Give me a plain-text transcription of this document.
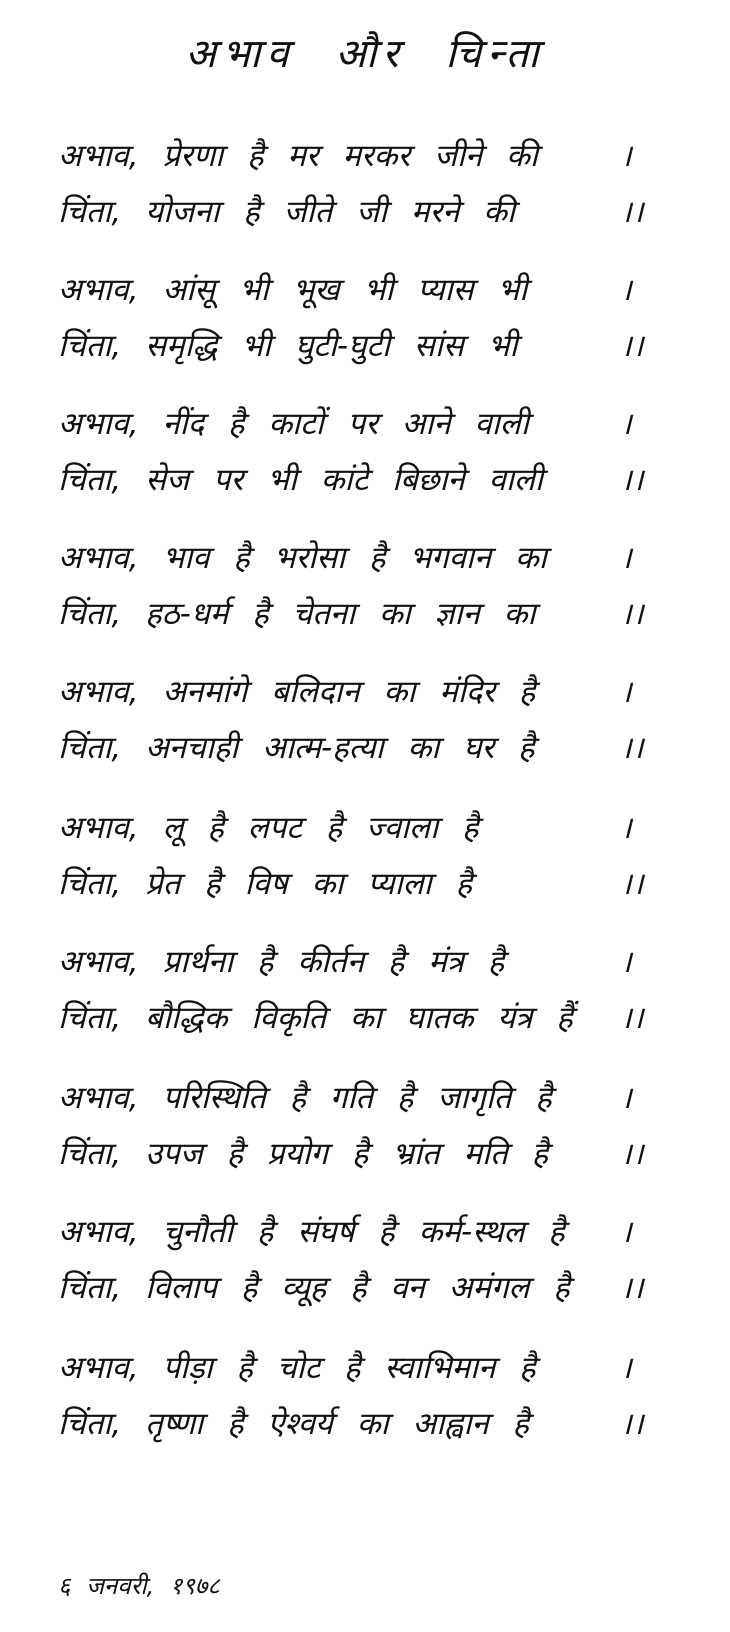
अभाव और चिन्ता
अभाव, प्रेरणा है मर मरकर जीने की	।
चिंता, योजना है जीते जी मरने की	।।
अभाव, आंसू भी भूख भी प्यास भी	।
चिंता, समृद्धि भी घुटी-घुटी सांस भी	।।
अभाव, नींद है काटों पर आने वाली	।
चिंता, सेज पर भी कांटे बिछाने वाली	।।
अभाव, भाव है भरोसा है भगवान का	।
चिंता, हठ-धर्म है चेतना का ज्ञान का	।।
अभाव, अनमांगे बलिदान का मंदिर है	।
चिंता, अनचाही आत्म-हत्या का घर है	।।
अभाव, लू है लपट है ज्वाला है	।
चिंता, प्रेत है विष का प्याला है	।।
अभाव, प्रार्थना है कीर्तन है मंत्र है	।
चिंता, बौद्धिक विकृति का घातक यंत्र हैं	।।
अभाव, परिस्थिति है गति है जागृति है	।
चिंता, उपज है प्रयोग है भ्रांत मति है	।।
अभाव, चुनौती है संघर्ष है कर्म-स्थल है	।
चिंता, विलाप है व्यूह है वन अमंगल है	।।
अभाव, पीड़ा है चोट है स्वाभिमान है	।
चिंता, तृष्णा है ऐश्वर्य का आह्वान है	।।
६ जनवरी, १९७८
